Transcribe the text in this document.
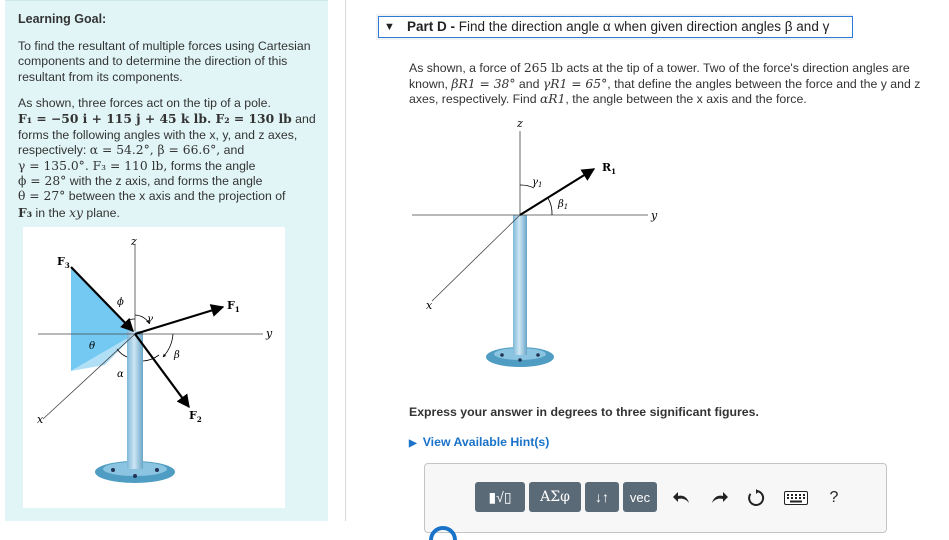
Learning Goal:
To find the resultant of multiple forces using Cartesian components and to determine the direction of this resultant from its components.
As shown, three forces act on the tip of a pole.
F₁ = −50 i + 115 j + 45 k lb. F₂ = 130 lb and forms the following angles with the x, y, and z axes, respectively: α = 54.2°, β = 66.6°, and
γ = 135.0°. F₃ = 110 lb, forms the angle
ϕ = 28° with the z axis, and forms the angle
θ = 27° between the x axis and the projection of
F₃ in the xy plane.
z
y
x
$F_3$
$F_1$
$F_2$
ϕ
γ
θ
α
β
▼ Part D - Find the direction angle α when given direction angles β and γ
As shown, a force of 265 lb acts at the tip of a tower. Two of the force's direction angles are known, βR1 = 38° and γR1 = 65°, that define the angles between the force and the y and z axes, respectively. Find αR1, the angle between the x axis and the force.
z
y
x
$R_1$
$\gamma_1$
$\beta_1$
Express your answer in degrees to three significant figures.
▶ View Available Hint(s)
▮√▯ ΑΣφ ↓↑ vec	?
